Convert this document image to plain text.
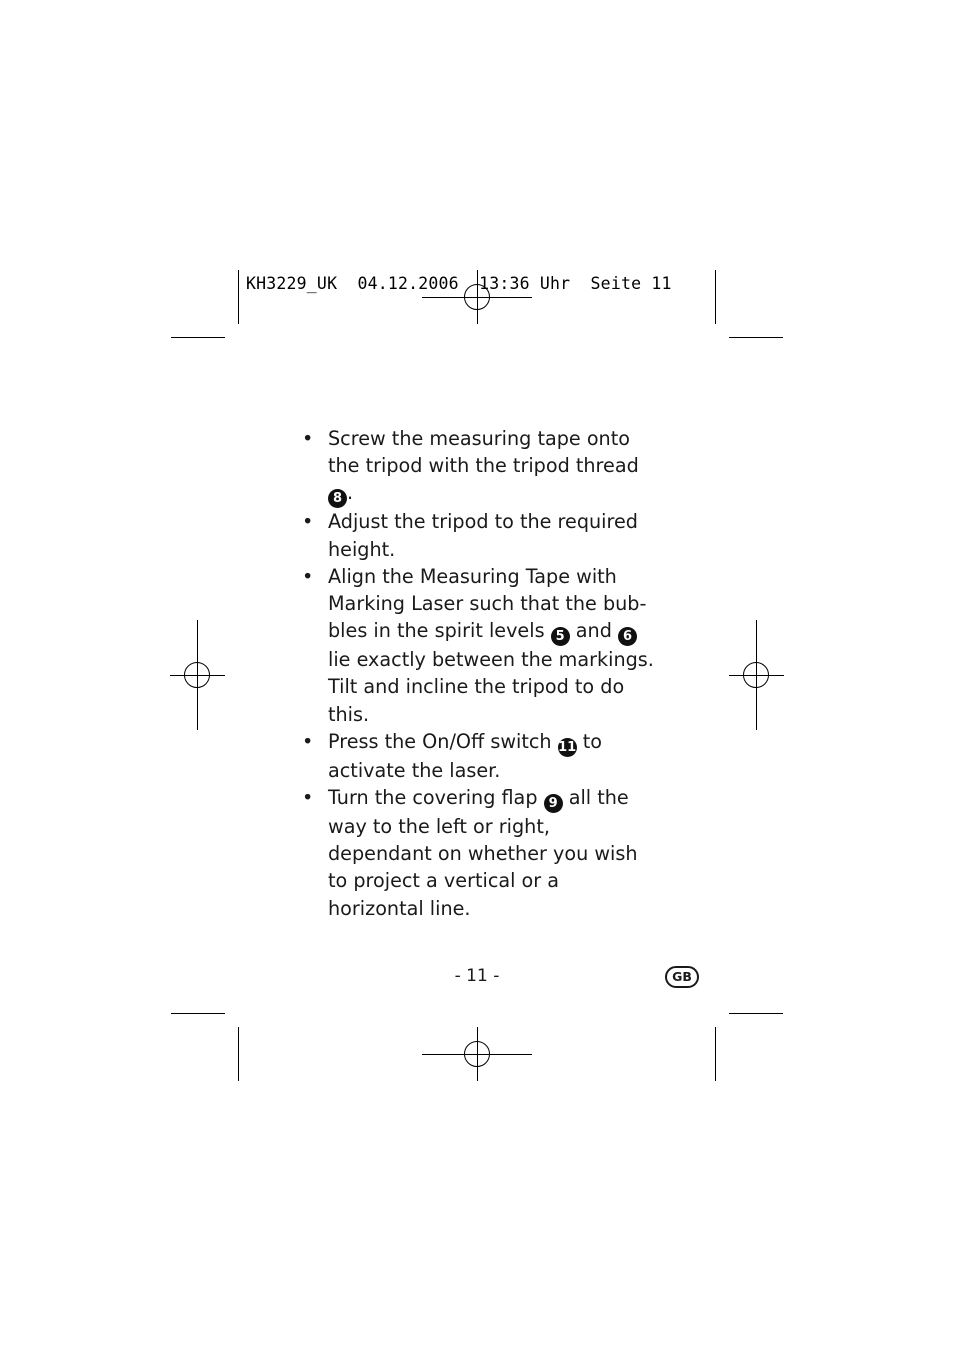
KH3229_UK  04.12.2006  13:36 Uhr  Seite 11
• Screw the measuring tape onto the tripod with the tripod thread 8 .
• Adjust the tripod to the required height.
• Align the Measuring Tape with Marking Laser such that the bub-bles in the spirit levels 5 and 6 lie exactly between the markings. Tilt and incline the tripod to do this.
• Press the On/Off switch 11 to activate the laser.
• Turn the covering flap 9 all the way to the left or right, dependant on whether you wish to project a vertical or a horizontal line.
- 11 -	GB
